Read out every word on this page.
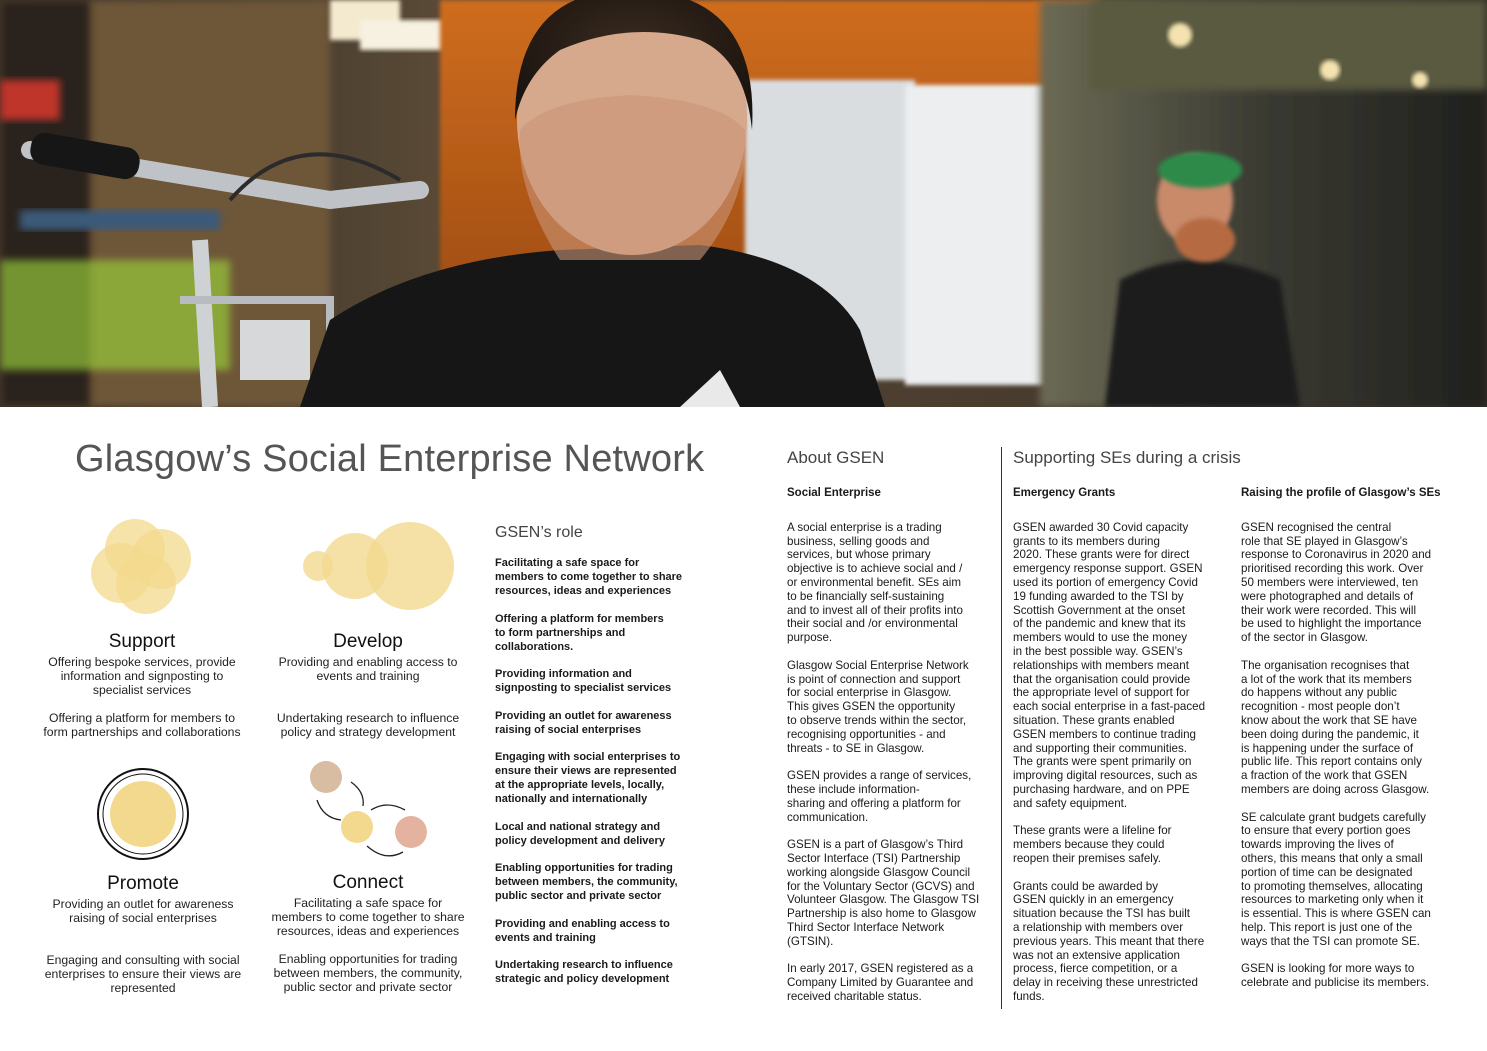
Glasgow’s Social Enterprise Network
Support

Offering bespoke services, provide
information and signposting to
specialist services

Offering a platform for members to
form partnerships and collaborations

Develop

Providing and enabling access to
events and training

Undertaking research to influence
policy and strategy development

Promote

Providing an outlet for awareness
raising of social enterprises

Engaging and consulting with social
enterprises to ensure their views are
represented

Connect

Facilitating a safe space for
members to come together to share
resources, ideas and experiences

Enabling opportunities for trading
between members, the community,
public sector and private sector

GSEN’s role

Facilitating a safe space for
members to come together to share
resources, ideas and experiences

Offering a platform for members
to form partnerships and
collaborations.

Providing information and
signposting to specialist services

Providing an outlet for awareness
raising of social enterprises

Engaging with social enterprises to
ensure their views are represented
at the appropriate levels, locally,
nationally and internationally

Local and national strategy and
policy development and delivery

Enabling opportunities for trading
between members, the community,
public sector and private sector

Providing and enabling access to
events and training

Undertaking research to influence
strategic and policy development

About GSEN

Social Enterprise

A social enterprise is a trading
business, selling goods and
services, but whose primary
objective is to achieve social and /
or environmental benefit. SEs aim
to be financially self-sustaining
and to invest all of their profits into
their social and /or environmental
purpose.

Glasgow Social Enterprise Network
is point of connection and support
for social enterprise in Glasgow.
This gives GSEN the opportunity
to observe trends within the sector,
recognising opportunities - and
threats - to SE in Glasgow.

GSEN provides a range of services,
these include information-
sharing and offering a platform for
communication.

GSEN is a part of Glasgow’s Third
Sector Interface (TSI) Partnership
working alongside Glasgow Council
for the Voluntary Sector (GCVS) and
Volunteer Glasgow. The Glasgow TSI
Partnership is also home to Glasgow
Third Sector Interface Network
(GTSIN).

In early 2017, GSEN registered as a
Company Limited by Guarantee and
received charitable status.

Supporting SEs during a crisis

Emergency Grants

GSEN awarded 30 Covid capacity
grants to its members during
2020. These grants were for direct
emergency response support. GSEN
used its portion of emergency Covid
19 funding awarded to the TSI by
Scottish Government at the onset
of the pandemic and knew that its
members would to use the money
in the best possible way. GSEN’s
relationships with members meant
that the organisation could provide
the appropriate level of support for
each social enterprise in a fast-paced
situation. These grants enabled
GSEN members to continue trading
and supporting their communities.
The grants were spent primarily on
improving digital resources, such as
purchasing hardware, and on PPE
and safety equipment.

These grants were a lifeline for
members because they could
reopen their premises safely.

Grants could be awarded by
GSEN quickly in an emergency
situation because the TSI has built
a relationship with members over
previous years. This meant that there
was not an extensive application
process, fierce competition, or a
delay in receiving these unrestricted
funds.

Raising the profile of Glasgow’s SEs

GSEN recognised the central
role that SE played in Glasgow’s
response to Coronavirus in 2020 and
prioritised recording this work. Over
50 members were interviewed, ten
were photographed and details of
their work were recorded. This will
be used to highlight the importance
of the sector in Glasgow.

The organisation recognises that
a lot of the work that its members
do happens without any public
recognition - most people don’t
know about the work that SE have
been doing during the pandemic, it
is happening under the surface of
public life. This report contains only
a fraction of the work that GSEN
members are doing across Glasgow.

SE calculate grant budgets carefully
to ensure that every portion goes
towards improving the lives of
others, this means that only a small
portion of time can be designated
to promoting themselves, allocating
resources to marketing only when it
is essential. This is where GSEN can
help. This report is just one of the
ways that the TSI can promote SE.

GSEN is looking for more ways to
celebrate and publicise its members.
